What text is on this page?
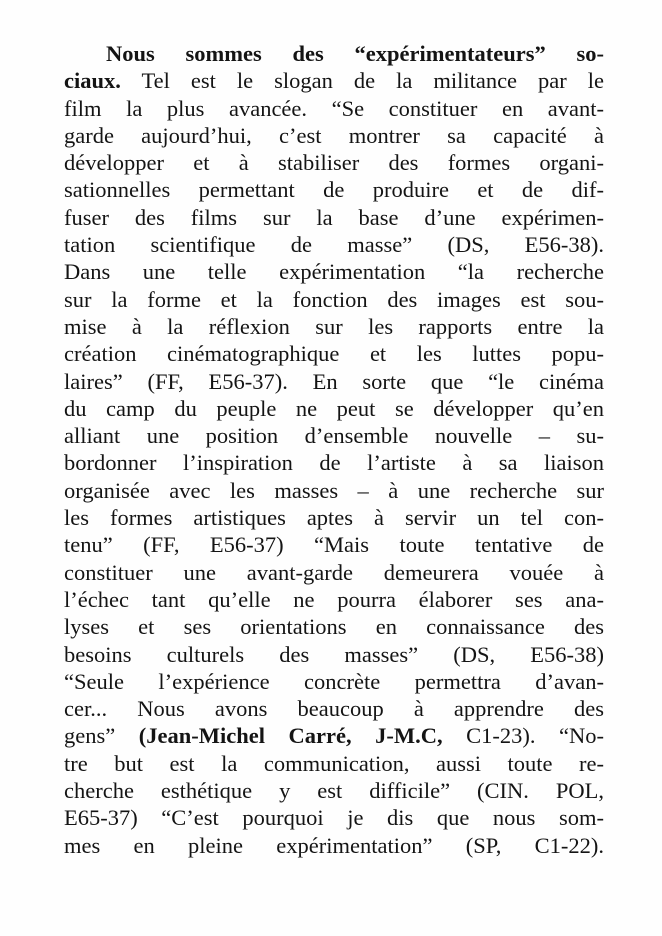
Nous sommes des “expérimentateurs” so-
ciaux. Tel est le slogan de la militance par le
film la plus avancée. “Se constituer en avant-
garde aujourd’hui, c’est montrer sa capacité à
développer et à stabiliser des formes organi-
sationnelles permettant de produire et de dif-
fuser des films sur la base d’une expérimen-
tation scientifique de masse” (DS, E56-38).
Dans une telle expérimentation “la recherche
sur la forme et la fonction des images est sou-
mise à la réflexion sur les rapports entre la
création cinématographique et les luttes popu-
laires” (FF, E56-37). En sorte que “le cinéma
du camp du peuple ne peut se développer qu’en
alliant une position d’ensemble nouvelle – su-
bordonner l’inspiration de l’artiste à sa liaison
organisée avec les masses – à une recherche sur
les formes artistiques aptes à servir un tel con-
tenu” (FF, E56-37) “Mais toute tentative de
constituer une avant-garde demeurera vouée à
l’échec tant qu’elle ne pourra élaborer ses ana-
lyses et ses orientations en connaissance des
besoins culturels des masses” (DS, E56-38)
“Seule l’expérience concrète permettra d’avan-
cer... Nous avons beaucoup à apprendre des
gens” (Jean-Michel Carré, J-M.C, C1-23). “No-
tre but est la communication, aussi toute re-
cherche esthétique y est difficile” (CIN. POL,
E65-37) “C’est pourquoi je dis que nous som-
mes en pleine expérimentation” (SP, C1-22).
